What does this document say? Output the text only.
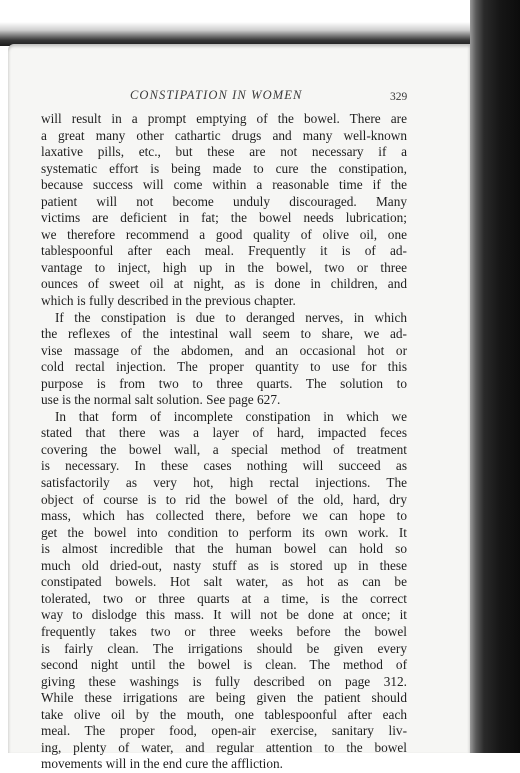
CONSTIPATION IN WOMEN	329
will result in a prompt emptying of the bowel. There are
a great many other cathartic drugs and many well-known
laxative pills, etc., but these are not necessary if a
systematic effort is being made to cure the constipation,
because success will come within a reasonable time if the
patient will not become unduly discouraged. Many
victims are deficient in fat; the bowel needs lubrication;
we therefore recommend a good quality of olive oil, one
tablespoonful after each meal. Frequently it is of ad-
vantage to inject, high up in the bowel, two or three
ounces of sweet oil at night, as is done in children, and
which is fully described in the previous chapter.
If the constipation is due to deranged nerves, in which
the reflexes of the intestinal wall seem to share, we ad-
vise massage of the abdomen, and an occasional hot or
cold rectal injection. The proper quantity to use for this
purpose is from two to three quarts. The solution to
use is the normal salt solution. See page 627.
In that form of incomplete constipation in which we
stated that there was a layer of hard, impacted feces
covering the bowel wall, a special method of treatment
is necessary. In these cases nothing will succeed as
satisfactorily as very hot, high rectal injections. The
object of course is to rid the bowel of the old, hard, dry
mass, which has collected there, before we can hope to
get the bowel into condition to perform its own work. It
is almost incredible that the human bowel can hold so
much old dried-out, nasty stuff as is stored up in these
constipated bowels. Hot salt water, as hot as can be
tolerated, two or three quarts at a time, is the correct
way to dislodge this mass. It will not be done at once; it
frequently takes two or three weeks before the bowel
is fairly clean. The irrigations should be given every
second night until the bowel is clean. The method of
giving these washings is fully described on page 312.
While these irrigations are being given the patient should
take olive oil by the mouth, one tablespoonful after each
meal. The proper food, open-air exercise, sanitary liv-
ing, plenty of water, and regular attention to the bowel
movements will in the end cure the affliction.
